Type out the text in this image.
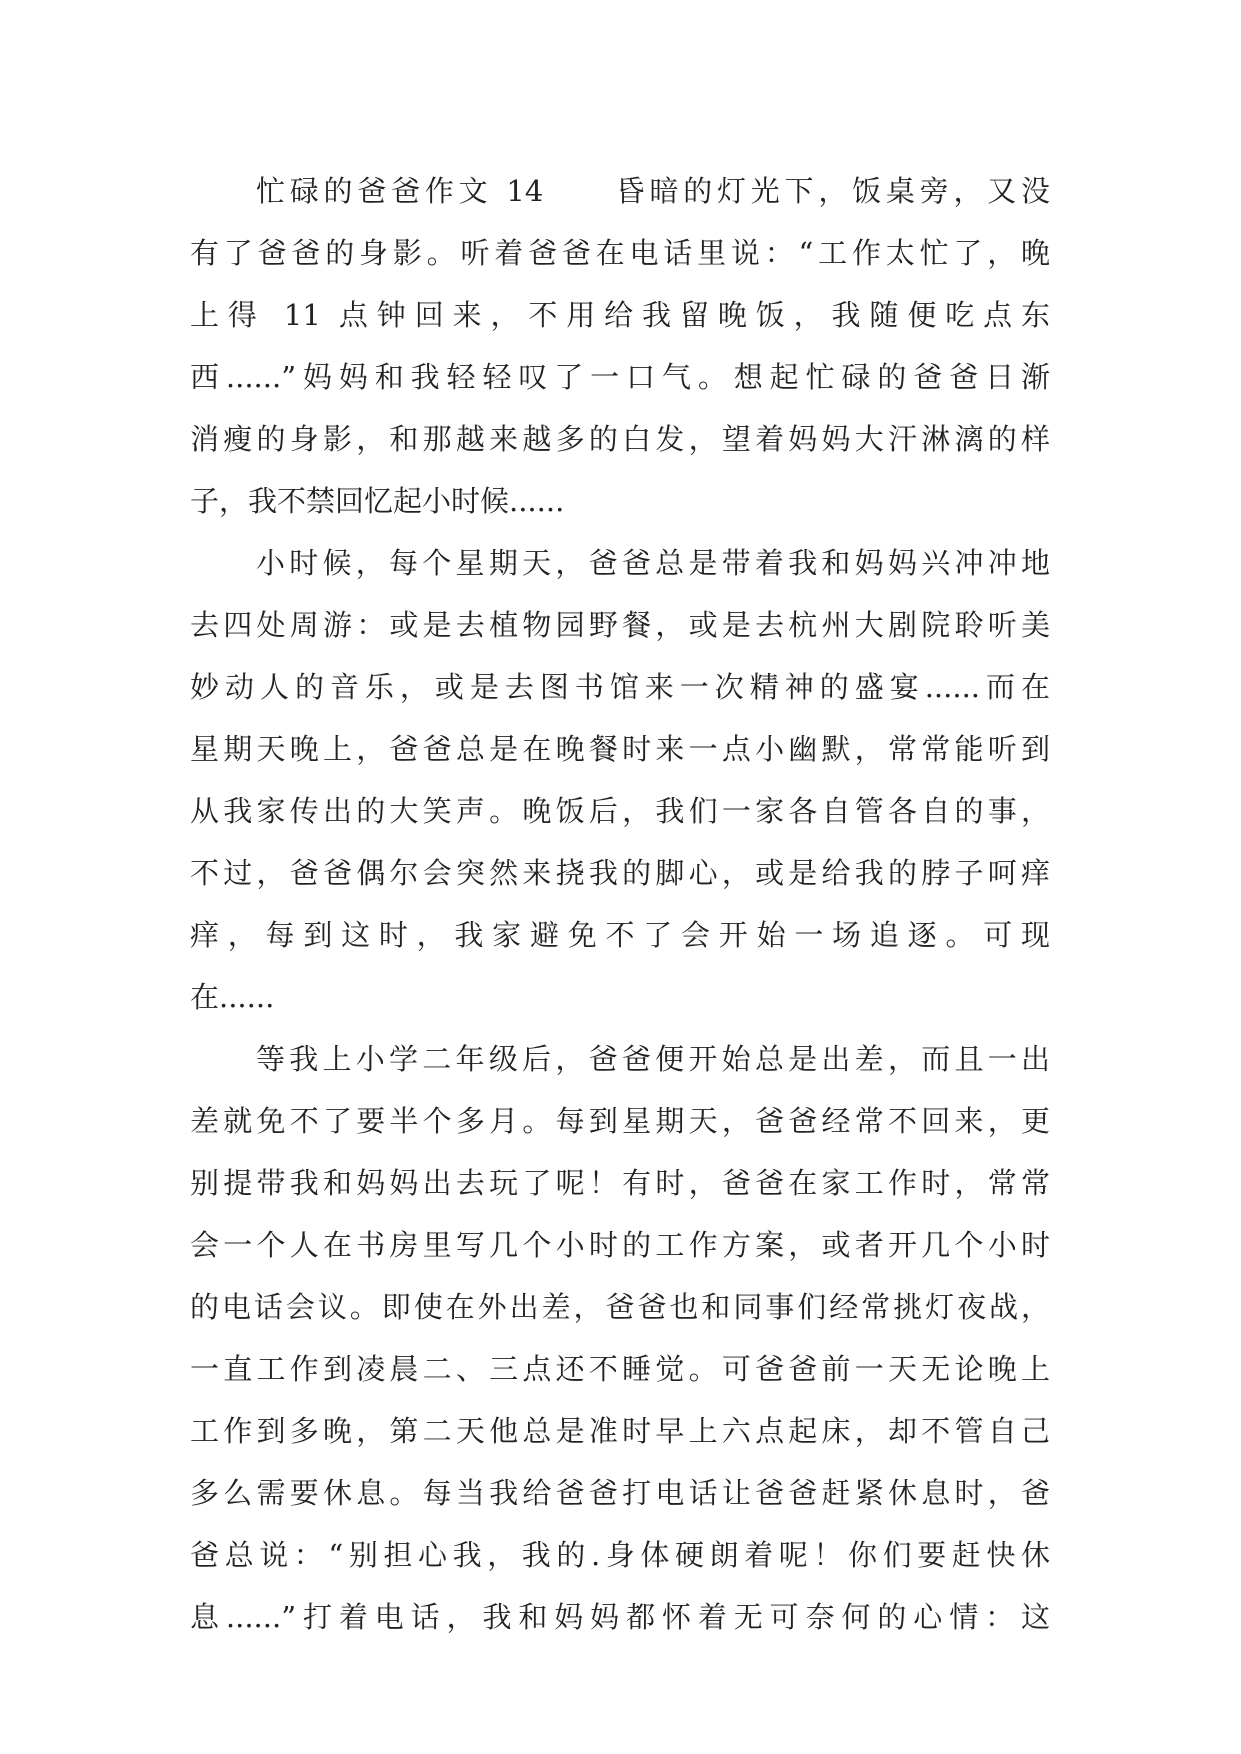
忙碌的爸爸作文 14　　昏暗的灯光下，饭桌旁，又没
有了爸爸的身影。听着爸爸在电话里说：“工作太忙了，晚
上得 11 点钟回来，不用给我留晚饭，我随便吃点东
西......”妈妈和我轻轻叹了一口气。想起忙碌的爸爸日渐
消瘦的身影，和那越来越多的白发，望着妈妈大汗淋漓的样
子，我不禁回忆起小时候......
小时候，每个星期天，爸爸总是带着我和妈妈兴冲冲地
去四处周游：或是去植物园野餐，或是去杭州大剧院聆听美
妙动人的音乐，或是去图书馆来一次精神的盛宴......而在
星期天晚上，爸爸总是在晚餐时来一点小幽默，常常能听到
从我家传出的大笑声。晚饭后，我们一家各自管各自的事，
不过，爸爸偶尔会突然来挠我的脚心，或是给我的脖子呵痒
痒，每到这时，我家避免不了会开始一场追逐。可现
在......
等我上小学二年级后，爸爸便开始总是出差，而且一出
差就免不了要半个多月。每到星期天，爸爸经常不回来，更
别提带我和妈妈出去玩了呢！有时，爸爸在家工作时，常常
会一个人在书房里写几个小时的工作方案，或者开几个小时
的电话会议。即使在外出差，爸爸也和同事们经常挑灯夜战，
一直工作到凌晨二、三点还不睡觉。可爸爸前一天无论晚上
工作到多晚，第二天他总是准时早上六点起床，却不管自己
多么需要休息。每当我给爸爸打电话让爸爸赶紧休息时，爸
爸总说：“别担心我，我的.身体硬朗着呢！你们要赶快休
息......”打着电话，我和妈妈都怀着无可奈何的心情：这
